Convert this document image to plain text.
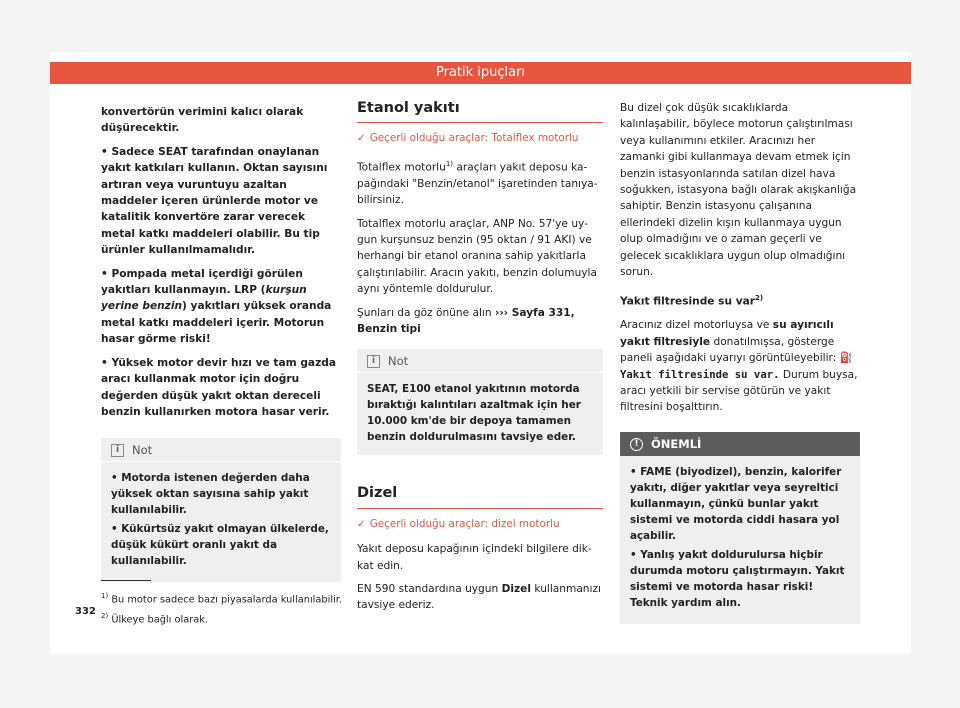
Pratik ipuçları

konvertörün verimini kalıcı olarak düşürecektir.

• Sadece SEAT tarafından onaylanan yakıt katkıları kullanın. Oktan sayısını artıran veya vuruntuyu azaltan maddeler içeren ürünlerde motor ve katalitik konvertöre zarar verecek metal katkı maddeleri olabilir. Bu tip ürünler kullanılmamalıdır.

• Pompada metal içerdiği görülen yakıtları kullanmayın. LRP (kurşun yerine benzin) yakıtları yüksek oranda metal katkı maddeleri içerir. Motorun hasar görme riski!

• Yüksek motor devir hızı ve tam gazda aracı kullanmak motor için doğru değerden düşük yakıt oktan dereceli benzin kullanırken motora hasar verir.

i Not

• Motorda istenen değerden daha yüksek oktan sayısına sahip yakıt kullanılabilir.

• Kükürtsüz yakıt olmayan ülkelerde, düşük kükürt oranlı yakıt da kullanılabilir.

Etanol yakıtı
✓ Geçerli olduğu araçlar: Totalflex motorlu

Totalflex motorlu$^{1)}$ araçları yakıt deposu kapağındaki "Benzin/etanol" işaretinden tanıyabilirsiniz.

Totalflex motorlu araçlar, ANP No. 57'ye uygun kurşunsuz benzin (95 oktan / 91 AKI) ve herhangi bir etanol oranına sahip yakıtlarla çalıştırılabilir. Aracın yakıtı, benzin dolumuyla aynı yöntemle doldurulur.

Şunları da göz önüne alın ››› Sayfa 331, Benzin tipi

i Not
SEAT, E100 etanol yakıtının motorda bıraktığı kalıntıları azaltmak için her 10.000 km'de bir depoya tamamen benzin doldurulmasını tavsiye eder.
Dizel
✓ Geçerli olduğu araçlar: dizel motorlu

Yakıt deposu kapağının içindeki bilgilere dikkat edin.

EN 590 standardına uygun Dizel kullanmanızı tavsiye ederiz.

Bu dizel çok düşük sıcaklıklarda kalınlaşabilir, böylece motorun çalıştırılması veya kullanımını etkiler. Aracınızı her zamanki gibi kullanmaya devam etmek için benzin istasyonlarında satılan dizel hava soğukken, istasyona bağlı olarak akışkanlığa sahiptir. Benzin istasyonu çalışanına ellerindeki dizelin kışın kullanmaya uygun olup olmadığını ve o zaman geçerli ve gelecek sıcaklıklara uygun olup olmadığını sorun.

Yakıt filtresinde su var$^{2)}$

Aracınız dizel motorluysa ve su ayırıcılı yakıt filtresiyle donatılmışsa, gösterge paneli aşağıdaki uyarıyı görüntüleyebilir: ⛽ Yakıt filtresinde su var. Durum buysa, aracı yetkili bir servise götürün ve yakıt filtresini boşalttırın.

! ÖNEMLİ

• FAME (biyodizel), benzin, kalorifer yakıtı, diğer yakıtlar veya seyreltici kullanmayın, çünkü bunlar yakıt sistemi ve motorda ciddi hasara yol açabilir.

• Yanlış yakıt doldurulursa hiçbir durumda motoru çalıştırmayın. Yakıt sistemi ve motorda hasar riski! Teknik yardım alın.

$^{1)}$ Bu motor sadece bazı piyasalarda kullanılabilir.
$^{2)}$ Ülkeye bağlı olarak.
332
